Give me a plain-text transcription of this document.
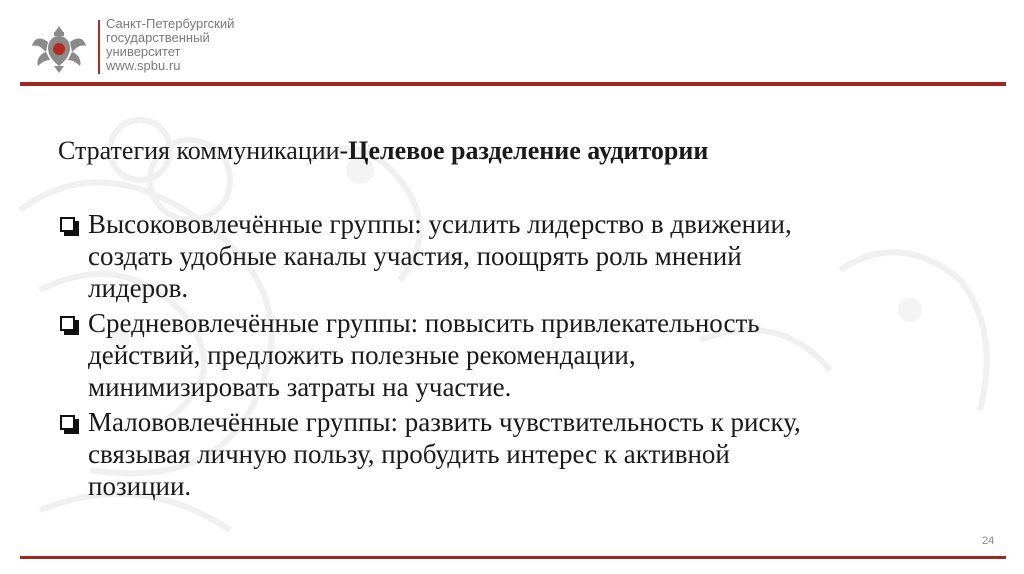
Санкт-Петербургский
государственный
университет
www.spbu.ru
Стратегия коммуникации-Целевое разделение аудитории
Высокововлечённые группы: усилить лидерство в движении,
создать удобные каналы участия, поощрять роль мнений
лидеров.
Средневовлечённые группы: повысить привлекательность
действий, предложить полезные рекомендации,
минимизировать затраты на участие.
Малововлечённые группы: развить чувствительность к риску,
связывая личную пользу, пробудить интерес к активной
позиции.
24
